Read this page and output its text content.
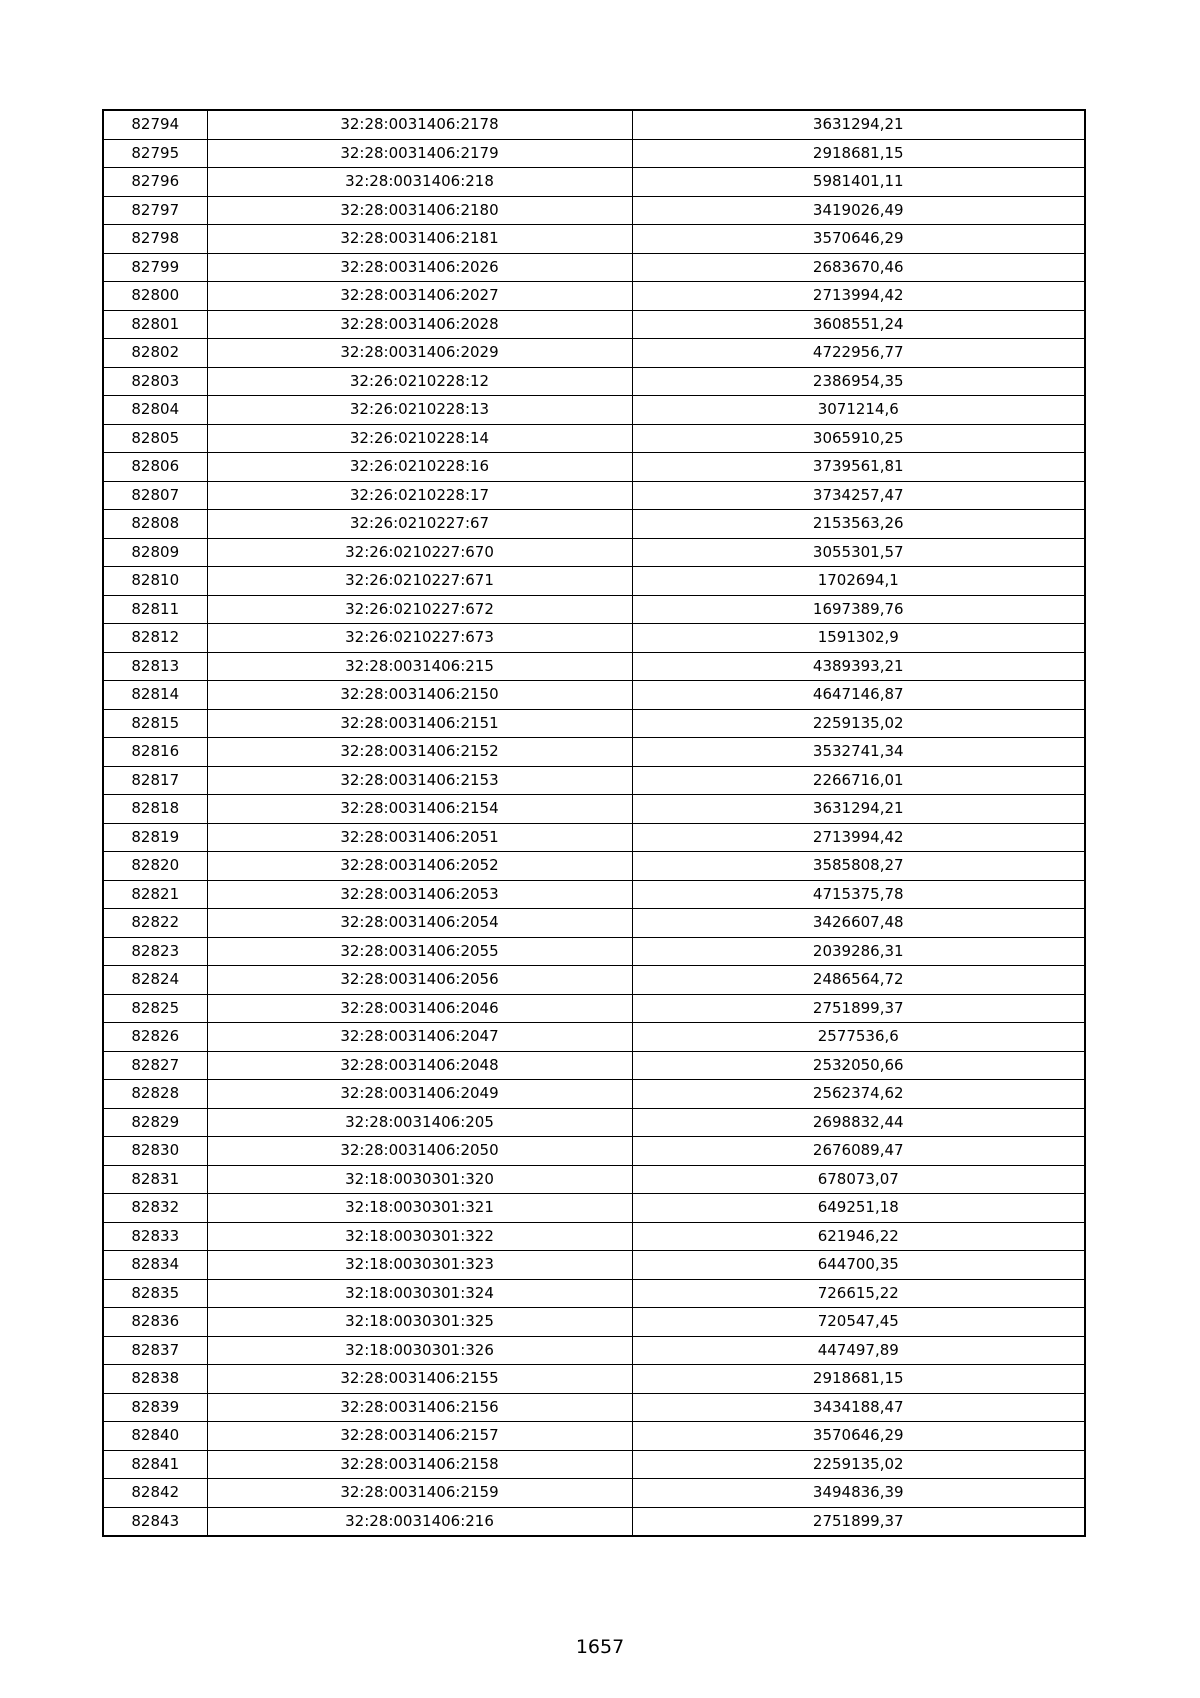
82794	32:28:0031406:2178	3631294,21
82795	32:28:0031406:2179	2918681,15
82796	32:28:0031406:218	5981401,11
82797	32:28:0031406:2180	3419026,49
82798	32:28:0031406:2181	3570646,29
82799	32:28:0031406:2026	2683670,46
82800	32:28:0031406:2027	2713994,42
82801	32:28:0031406:2028	3608551,24
82802	32:28:0031406:2029	4722956,77
82803	32:26:0210228:12	2386954,35
82804	32:26:0210228:13	3071214,6
82805	32:26:0210228:14	3065910,25
82806	32:26:0210228:16	3739561,81
82807	32:26:0210228:17	3734257,47
82808	32:26:0210227:67	2153563,26
82809	32:26:0210227:670	3055301,57
82810	32:26:0210227:671	1702694,1
82811	32:26:0210227:672	1697389,76
82812	32:26:0210227:673	1591302,9
82813	32:28:0031406:215	4389393,21
82814	32:28:0031406:2150	4647146,87
82815	32:28:0031406:2151	2259135,02
82816	32:28:0031406:2152	3532741,34
82817	32:28:0031406:2153	2266716,01
82818	32:28:0031406:2154	3631294,21
82819	32:28:0031406:2051	2713994,42
82820	32:28:0031406:2052	3585808,27
82821	32:28:0031406:2053	4715375,78
82822	32:28:0031406:2054	3426607,48
82823	32:28:0031406:2055	2039286,31
82824	32:28:0031406:2056	2486564,72
82825	32:28:0031406:2046	2751899,37
82826	32:28:0031406:2047	2577536,6
82827	32:28:0031406:2048	2532050,66
82828	32:28:0031406:2049	2562374,62
82829	32:28:0031406:205	2698832,44
82830	32:28:0031406:2050	2676089,47
82831	32:18:0030301:320	678073,07
82832	32:18:0030301:321	649251,18
82833	32:18:0030301:322	621946,22
82834	32:18:0030301:323	644700,35
82835	32:18:0030301:324	726615,22
82836	32:18:0030301:325	720547,45
82837	32:18:0030301:326	447497,89
82838	32:28:0031406:2155	2918681,15
82839	32:28:0031406:2156	3434188,47
82840	32:28:0031406:2157	3570646,29
82841	32:28:0031406:2158	2259135,02
82842	32:28:0031406:2159	3494836,39
82843	32:28:0031406:216	2751899,37
1657
